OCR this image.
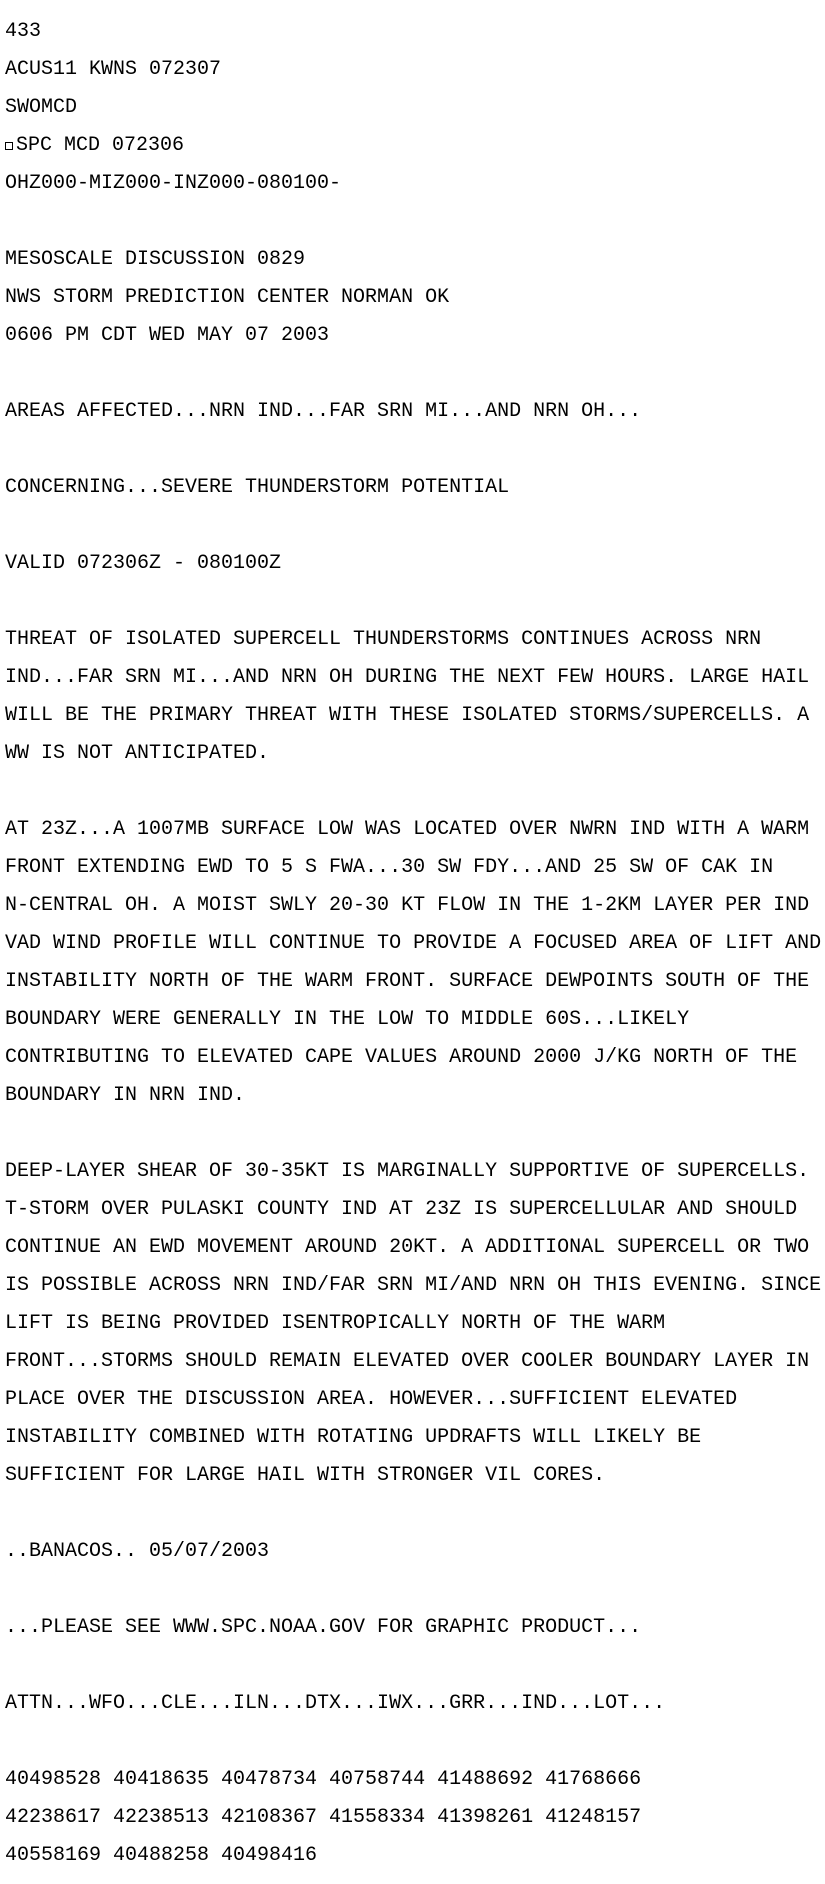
433

ACUS11 KWNS 072307

SWOMCD

SPC MCD 072306

OHZ000-MIZ000-INZ000-080100-

MESOSCALE DISCUSSION 0829

NWS STORM PREDICTION CENTER NORMAN OK

0606 PM CDT WED MAY 07 2003

AREAS AFFECTED...NRN IND...FAR SRN MI...AND NRN OH...

CONCERNING...SEVERE THUNDERSTORM POTENTIAL

VALID 072306Z - 080100Z

THREAT OF ISOLATED SUPERCELL THUNDERSTORMS CONTINUES ACROSS NRN

IND...FAR SRN MI...AND NRN OH DURING THE NEXT FEW HOURS. LARGE HAIL

WILL BE THE PRIMARY THREAT WITH THESE ISOLATED STORMS/SUPERCELLS. A

WW IS NOT ANTICIPATED.

AT 23Z...A 1007MB SURFACE LOW WAS LOCATED OVER NWRN IND WITH A WARM

FRONT EXTENDING EWD TO 5 S FWA...30 SW FDY...AND 25 SW OF CAK IN

N-CENTRAL OH. A MOIST SWLY 20-30 KT FLOW IN THE 1-2KM LAYER PER IND

VAD WIND PROFILE WILL CONTINUE TO PROVIDE A FOCUSED AREA OF LIFT AND

INSTABILITY NORTH OF THE WARM FRONT. SURFACE DEWPOINTS SOUTH OF THE

BOUNDARY WERE GENERALLY IN THE LOW TO MIDDLE 60S...LIKELY

CONTRIBUTING TO ELEVATED CAPE VALUES AROUND 2000 J/KG NORTH OF THE

BOUNDARY IN NRN IND.

DEEP-LAYER SHEAR OF 30-35KT IS MARGINALLY SUPPORTIVE OF SUPERCELLS.

T-STORM OVER PULASKI COUNTY IND AT 23Z IS SUPERCELLULAR AND SHOULD

CONTINUE AN EWD MOVEMENT AROUND 20KT. A ADDITIONAL SUPERCELL OR TWO

IS POSSIBLE ACROSS NRN IND/FAR SRN MI/AND NRN OH THIS EVENING. SINCE

LIFT IS BEING PROVIDED ISENTROPICALLY NORTH OF THE WARM

FRONT...STORMS SHOULD REMAIN ELEVATED OVER COOLER BOUNDARY LAYER IN

PLACE OVER THE DISCUSSION AREA. HOWEVER...SUFFICIENT ELEVATED

INSTABILITY COMBINED WITH ROTATING UPDRAFTS WILL LIKELY BE

SUFFICIENT FOR LARGE HAIL WITH STRONGER VIL CORES.

..BANACOS.. 05/07/2003

...PLEASE SEE WWW.SPC.NOAA.GOV FOR GRAPHIC PRODUCT...

ATTN...WFO...CLE...ILN...DTX...IWX...GRR...IND...LOT...

40498528 40418635 40478734 40758744 41488692 41768666

42238617 42238513 42108367 41558334 41398261 41248157

40558169 40488258 40498416
